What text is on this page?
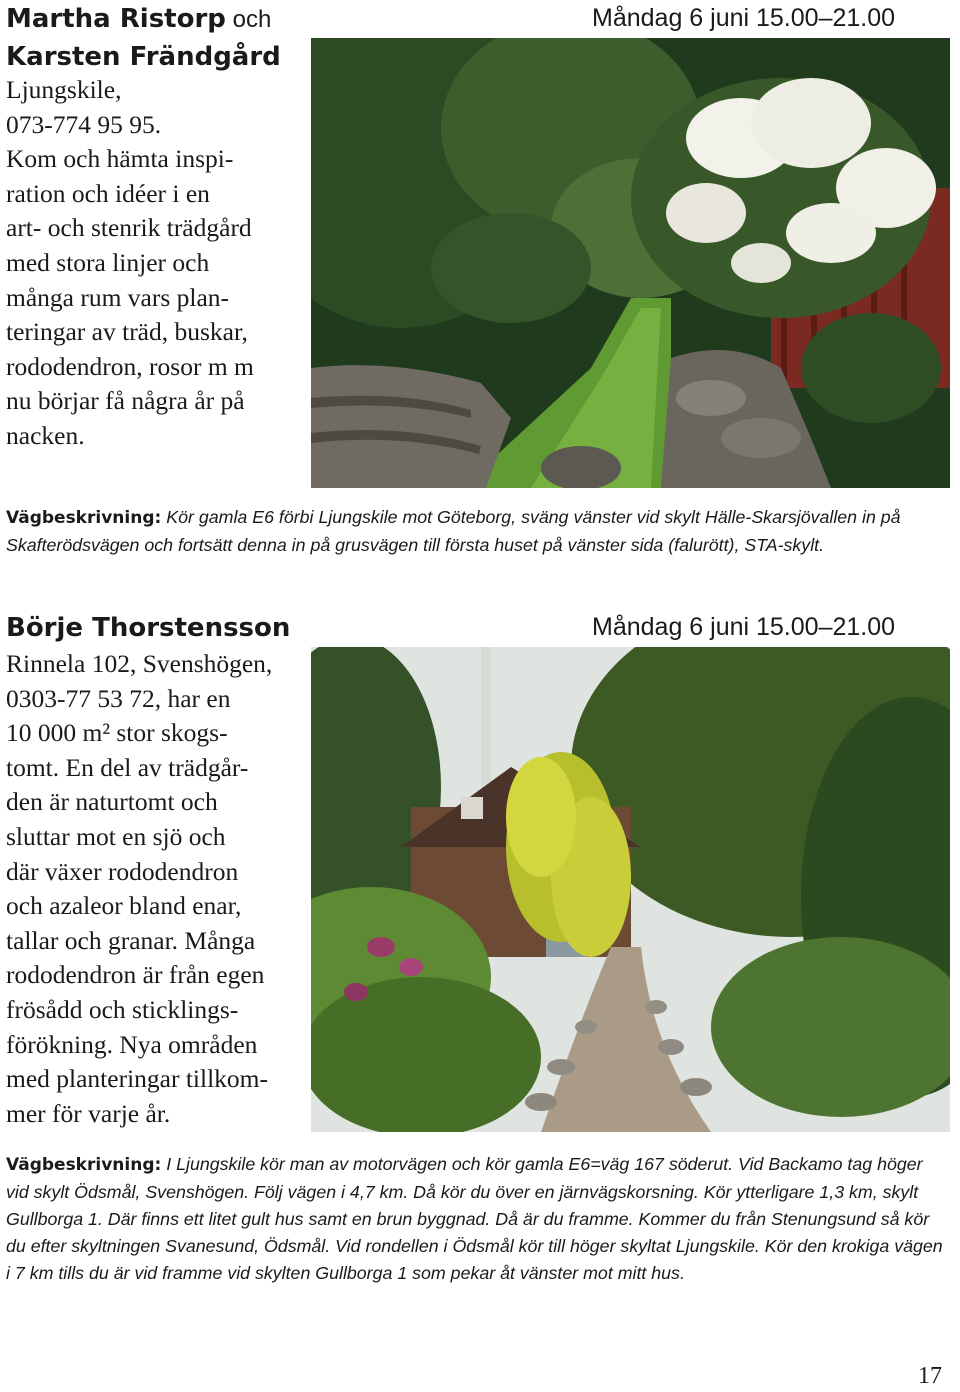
Martha Ristorp och
Karsten Frändgård
Ljungskile,
073-774 95 95.
Kom och hämta inspi-
ration och idéer i en
art- och stenrik trädgård
med stora linjer och
många rum vars plan-
teringar av träd, buskar,
rododendron, rosor m m
nu börjar få några år på
nacken.
Måndag 6 juni 15.00–21.00
Vägbeskrivning: Kör gamla E6 förbi Ljungskile mot Göteborg, sväng vänster vid skylt Hälle-Skarsjövallen in på Skafterödsvägen och fortsätt denna in på grusvägen till första huset på vänster sida (falurött), STA-skylt.
Börje Thorstensson	Måndag 6 juni 15.00–21.00
Rinnela 102, Svenshögen,
0303-77 53 72, har en
10 000 m² stor skogs-
tomt. En del av trädgår-
den är naturtomt och
sluttar mot en sjö och
där växer rododendron
och azaleor bland enar,
tallar och granar. Många
rododendron är från egen
frösådd och sticklings-
förökning. Nya områden
med planteringar tillkom-
mer för varje år.
Vägbeskrivning: I Ljungskile kör man av motorvägen och kör gamla E6=väg 167 söderut. Vid Backamo tag höger vid skylt Ödsmål, Svenshögen. Följ vägen i 4,7 km. Då kör du över en järnvägskorsning. Kör ytterligare 1,3 km, skylt Gullborga 1. Där finns ett litet gult hus samt en brun byggnad. Då är du framme. Kommer du från Stenungsund så kör du efter skyltningen Svanesund, Ödsmål. Vid rondellen i Ödsmål kör till höger skyltat Ljungskile. Kör den krokiga vägen i 7 km tills du är vid framme vid skylten Gullborga 1 som pekar åt vänster mot mitt hus.
17
